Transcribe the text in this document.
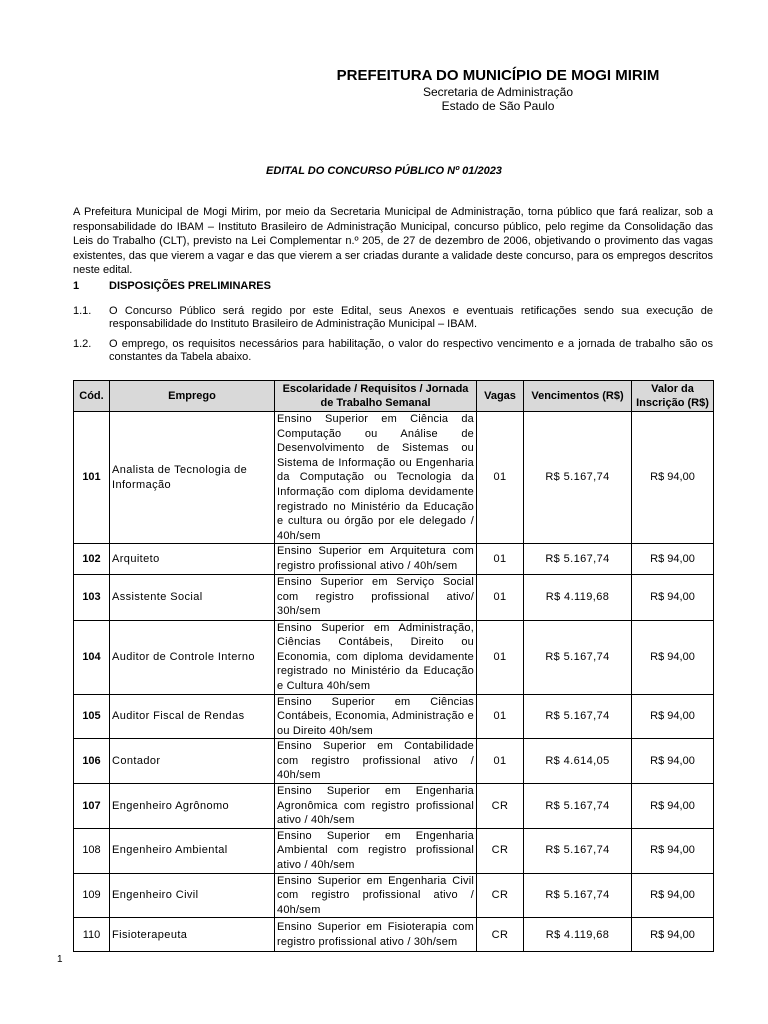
PREFEITURA DO MUNICÍPIO DE MOGI MIRIM
Secretaria de Administração
Estado de São Paulo
EDITAL DO CONCURSO PÚBLICO Nº 01/2023
A Prefeitura Municipal de Mogi Mirim, por meio da Secretaria Municipal de Administração, torna público que fará realizar, sob a responsabilidade do IBAM – Instituto Brasileiro de Administração Municipal, concurso público, pelo regime da Consolidação das Leis do Trabalho (CLT), previsto na Lei Complementar n.º 205, de 27 de dezembro de 2006, objetivando o provimento das vagas existentes, das que vierem a vagar e das que vierem a ser criadas durante a validade deste concurso, para os empregos descritos neste edital.
1	DISPOSIÇÕES PRELIMINARES
1.1. O Concurso Público será regido por este Edital, seus Anexos e eventuais retificações sendo sua execução de responsabilidade do Instituto Brasileiro de Administração Municipal – IBAM.
1.2. O emprego, os requisitos necessários para habilitação, o valor do respectivo vencimento e a jornada de trabalho são os constantes da Tabela abaixo.
Cód.	Emprego	Escolaridade / Requisitos / Jornada de Trabalho Semanal	Vagas	Vencimentos (R$)	Valor da Inscrição (R$)
101	Analista de Tecnologia de Informação	Ensino Superior em Ciência da Computação ou Análise de Desenvolvimento de Sistemas ou Sistema de Informação ou Engenharia da Computação ou Tecnologia da Informação com diploma devidamente registrado no Ministério da Educação e cultura ou órgão por ele delegado / 40h/sem	01	R$ 5.167,74	R$ 94,00
102	Arquiteto	Ensino Superior em Arquitetura com registro profissional ativo / 40h/sem	01	R$ 5.167,74	R$ 94,00
103	Assistente Social	Ensino Superior em Serviço Social com registro profissional ativo/ 30h/sem	01	R$ 4.119,68	R$ 94,00
104	Auditor de Controle Interno	Ensino Superior em Administração, Ciências Contábeis, Direito ou Economia, com diploma devidamente registrado no Ministério da Educação e Cultura 40h/sem	01	R$ 5.167,74	R$ 94,00
105	Auditor Fiscal de Rendas	Ensino Superior em Ciências Contábeis, Economia, Administração e ou Direito 40h/sem	01	R$ 5.167,74	R$ 94,00
106	Contador	Ensino Superior em Contabilidade com registro profissional ativo / 40h/sem	01	R$ 4.614,05	R$ 94,00
107	Engenheiro Agrônomo	Ensino Superior em Engenharia Agronômica com registro profissional ativo / 40h/sem	CR	R$ 5.167,74	R$ 94,00
108	Engenheiro Ambiental	Ensino Superior em Engenharia Ambiental com registro profissional ativo / 40h/sem	CR	R$ 5.167,74	R$ 94,00
109	Engenheiro Civil	Ensino Superior em Engenharia Civil com registro profissional ativo / 40h/sem	CR	R$ 5.167,74	R$ 94,00
110	Fisioterapeuta	Ensino Superior em Fisioterapia com registro profissional ativo / 30h/sem	CR	R$ 4.119,68	R$ 94,00
1
